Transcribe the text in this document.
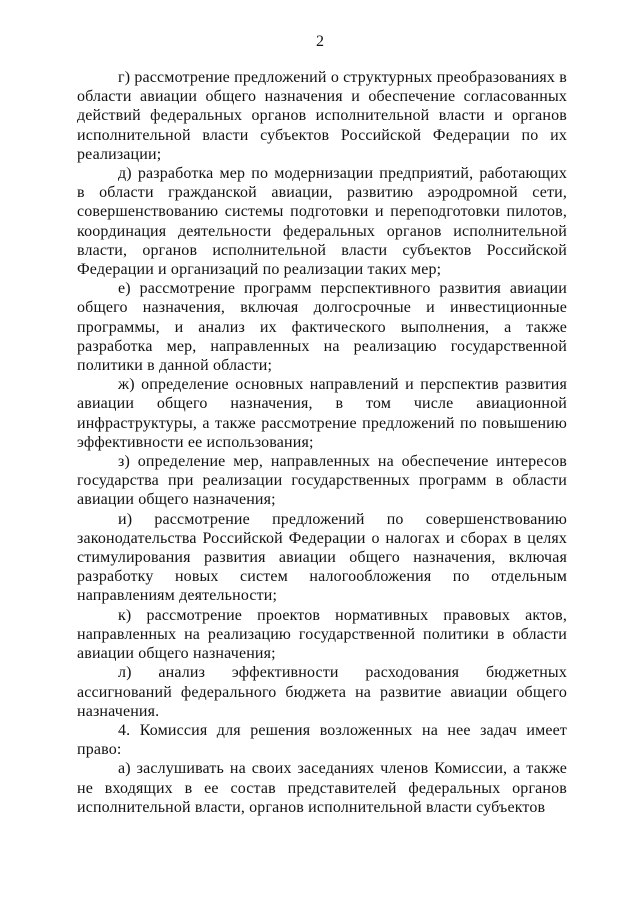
2

г) рассмотрение предложений о структурных преобразованиях в области авиации общего назначения и обеспечение согласованных действий федеральных органов исполнительной власти и органов исполнительной власти субъектов Российской Федерации по их реализации;

д) разработка мер по модернизации предприятий, работающих в области гражданской авиации, развитию аэродромной сети, совершенствованию системы подготовки и переподготовки пилотов, координация деятельности федеральных органов исполнительной власти, органов исполнительной власти субъектов Российской Федерации и организаций по реализации таких мер;

е) рассмотрение программ перспективного развития авиации общего назначения, включая долгосрочные и инвестиционные программы, и анализ их фактического выполнения, а также разработка мер, направленных на реализацию государственной политики в данной области;

ж) определение основных направлений и перспектив развития авиации общего назначения, в том числе авиационной инфраструктуры, а также рассмотрение предложений по повышению эффективности ее использования;

з) определение мер, направленных на обеспечение интересов государства при реализации государственных программ в области авиации общего назначения;

и) рассмотрение предложений по совершенствованию законодательства Российской Федерации о налогах и сборах в целях стимулирования развития авиации общего назначения, включая разработку новых систем налогообложения по отдельным направлениям деятельности;

к) рассмотрение проектов нормативных правовых актов, направленных на реализацию государственной политики в области авиации общего назначения;

л) анализ эффективности расходования бюджетных ассигнований федерального бюджета на развитие авиации общего назначения.

4. Комиссия для решения возложенных на нее задач имеет право:

а) заслушивать на своих заседаниях членов Комиссии, а также не входящих в ее состав представителей федеральных органов исполнительной власти, органов исполнительной власти субъектов
